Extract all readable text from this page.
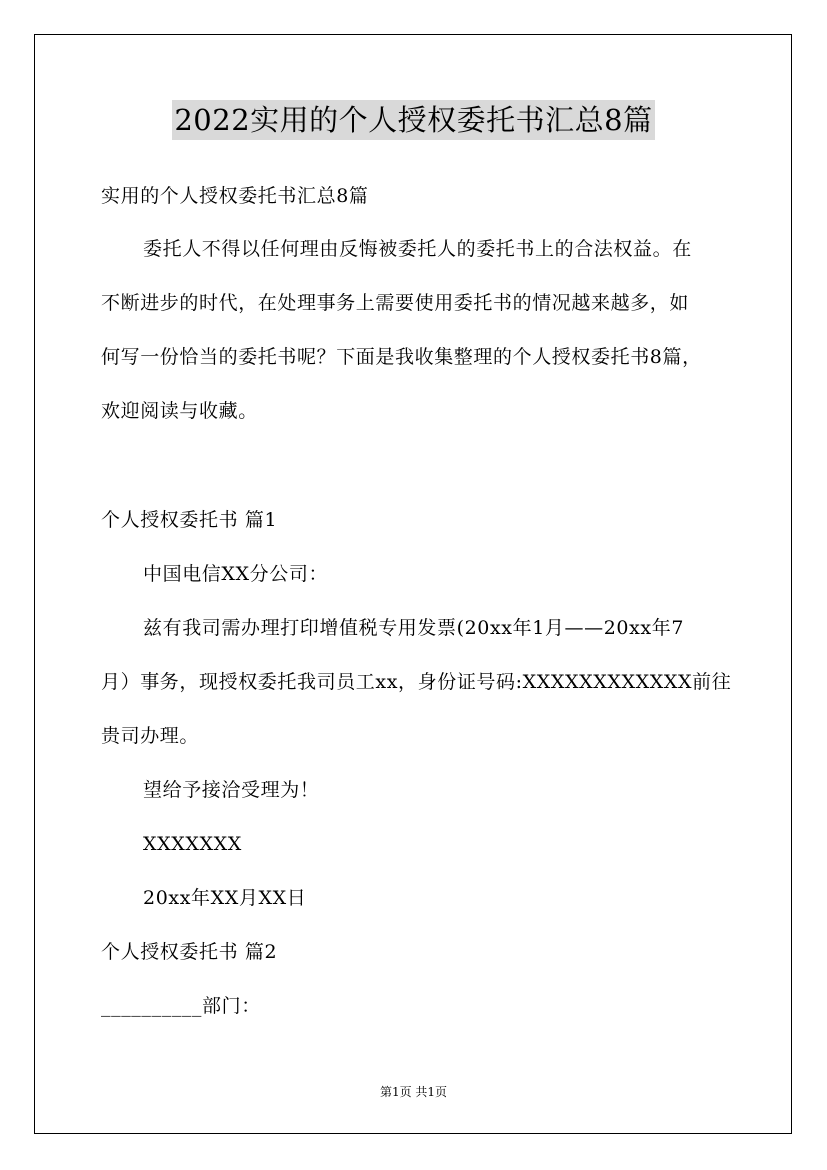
2022实用的个人授权委托书汇总8篇
实用的个人授权委托书汇总8篇
委托人不得以任何理由反悔被委托人的委托书上的合法权益。在
不断进步的时代，在处理事务上需要使用委托书的情况越来越多，如
何写一份恰当的委托书呢？下面是我收集整理的个人授权委托书8篇，
欢迎阅读与收藏。
个人授权委托书 篇1
中国电信XX分公司：
兹有我司需办理打印增值税专用发票(20xx年1月——20xx年7
月）事务，现授权委托我司员工xx，身份证号码:XXXXXXXXXXXX前往
贵司办理。
望给予接洽受理为！
XXXXXXX
20xx年XX月XX日
个人授权委托书 篇2
__________部门：
第1页 共1页
